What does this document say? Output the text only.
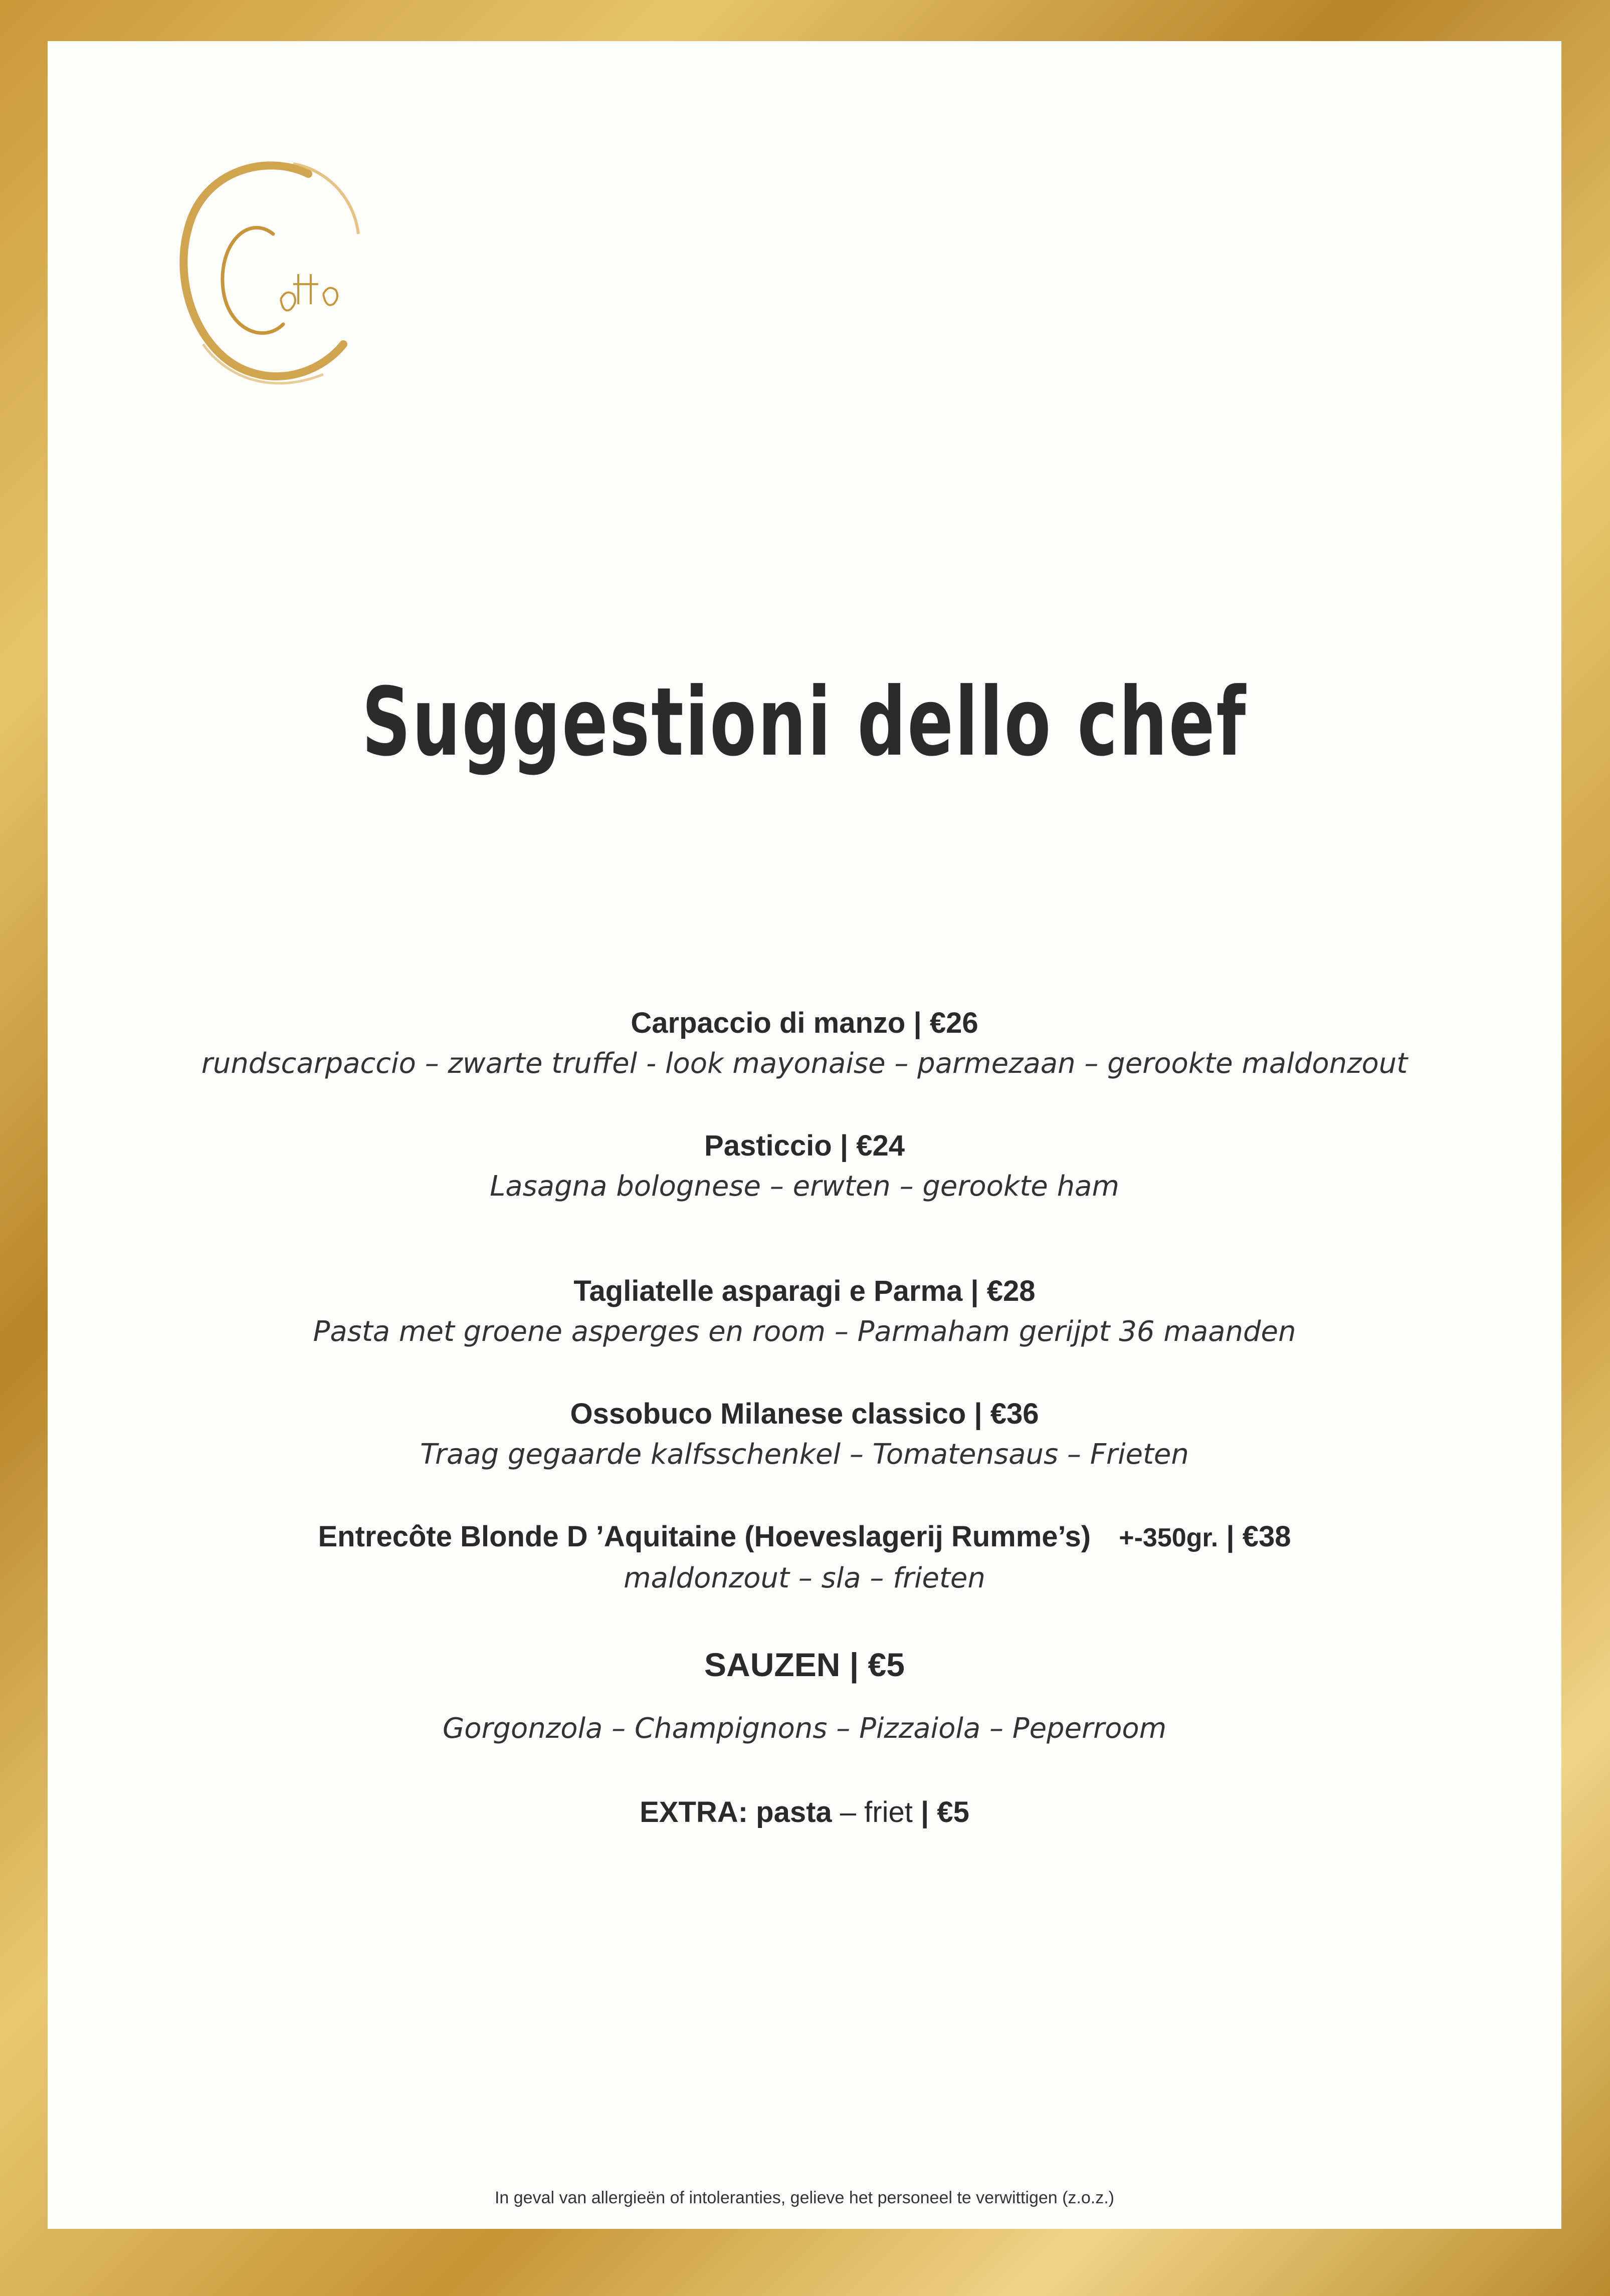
Suggestioni dello chef
Carpaccio di manzo | €26
rundscarpaccio – zwarte truffel - look mayonaise – parmezaan – gerookte maldonzout
Pasticcio | €24
Lasagna bolognese – erwten – gerookte ham
Tagliatelle asparagi e Parma | €28
Pasta met groene asperges en room – Parmaham gerijpt 36 maanden
Ossobuco Milanese classico | €36
Traag gegaarde kalfsschenkel – Tomatensaus – Frieten
Entrecôte Blonde D ’Aquitaine (Hoeveslagerij Rumme’s) +-350gr. | €38
maldonzout – sla – frieten
SAUZEN | €5
Gorgonzola – Champignons – Pizzaiola – Peperroom
EXTRA: pasta – friet | €5
In geval van allergieën of intoleranties, gelieve het personeel te verwittigen (z.o.z.)
